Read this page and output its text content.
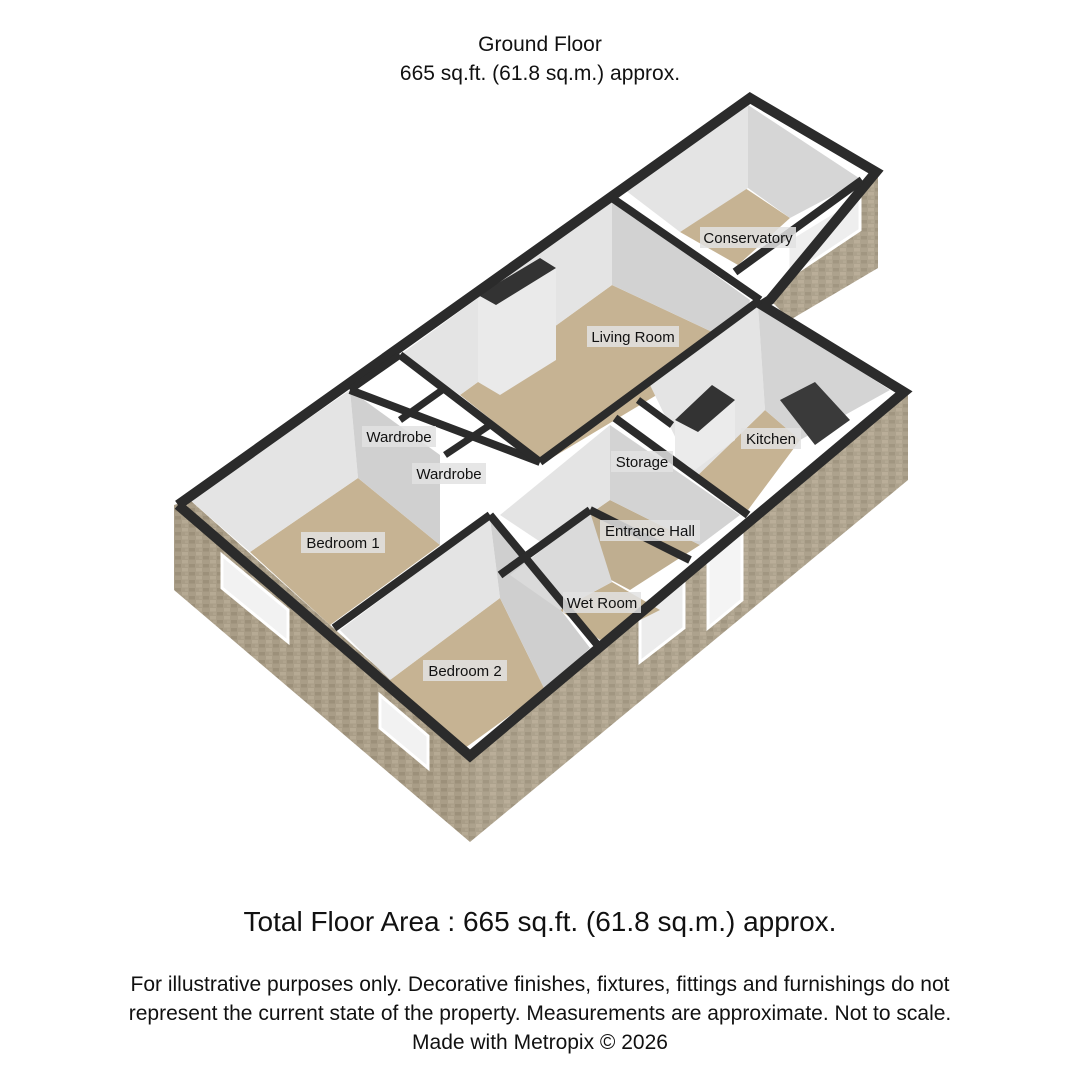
Ground Floor
665 sq.ft. (61.8 sq.m.) approx.
Conservatory
Living Room
Kitchen
Wardrobe
Wardrobe
Storage
Bedroom 1
Entrance Hall
Wet Room
Bedroom 2
Total Floor Area : 665 sq.ft. (61.8 sq.m.) approx.
For illustrative purposes only. Decorative finishes, fixtures, fittings and furnishings do not
represent the current state of the property. Measurements are approximate. Not to scale.
Made with Metropix © 2026
